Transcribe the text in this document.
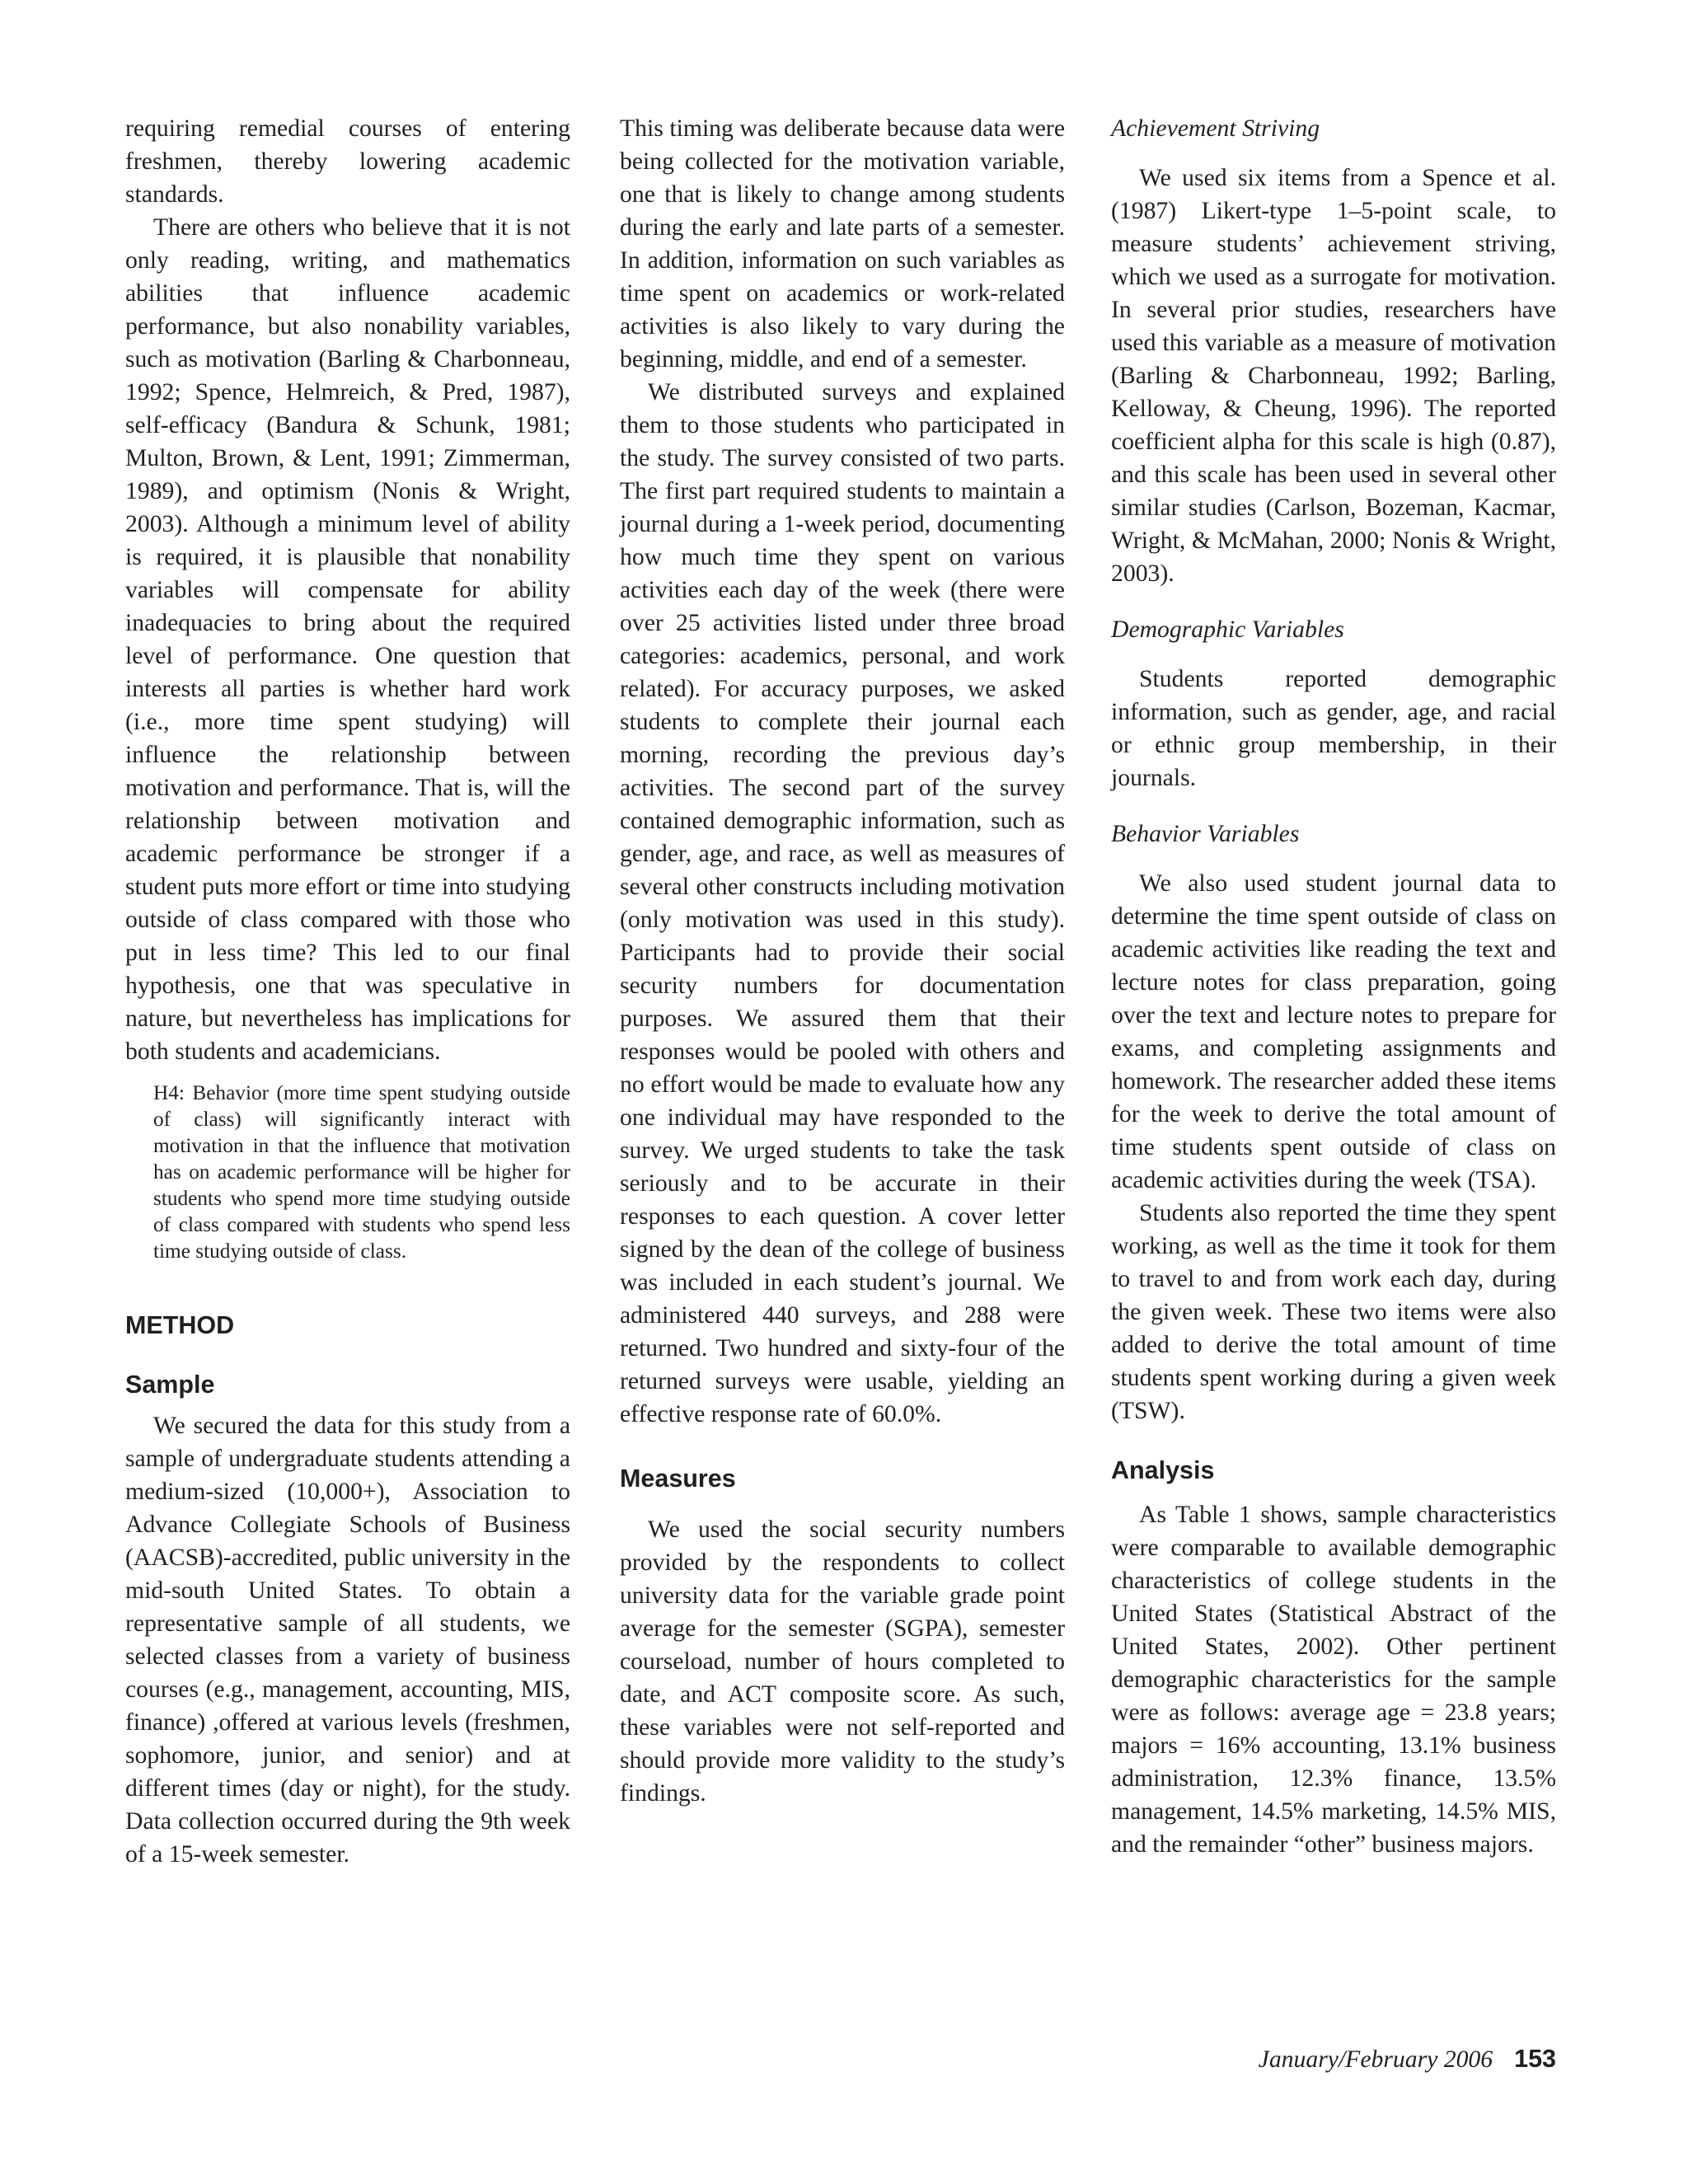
requiring remedial courses of entering freshmen, thereby lowering academic standards.

There are others who believe that it is not only reading, writing, and mathematics abilities that influence academic performance, but also nonability variables, such as motivation (Barling & Charbonneau, 1992; Spence, Helmreich, & Pred, 1987), self-efficacy (Bandura & Schunk, 1981; Multon, Brown, & Lent, 1991; Zimmerman, 1989), and optimism (Nonis & Wright, 2003). Although a minimum level of ability is required, it is plausible that nonability variables will compensate for ability inadequacies to bring about the required level of performance. One question that interests all parties is whether hard work (i.e., more time spent studying) will influence the relationship between motivation and performance. That is, will the relationship between motivation and academic performance be stronger if a student puts more effort or time into studying outside of class compared with those who put in less time? This led to our final hypothesis, one that was speculative in nature, but nevertheless has implications for both students and academicians.

H4: Behavior (more time spent studying outside of class) will significantly interact with motivation in that the influence that motivation has on academic performance will be higher for students who spend more time studying outside of class compared with students who spend less time studying outside of class.

METHOD
Sample

We secured the data for this study from a sample of undergraduate students attending a medium-sized (10,000+), Association to Advance Collegiate Schools of Business (AACSB)-accredited, public university in the mid-south United States. To obtain a representative sample of all students, we selected classes from a variety of business courses (e.g., management, accounting, MIS, finance) ,offered at various levels (freshmen, sophomore, junior, and senior) and at different times (day or night), for the study. Data collection occurred during the 9th week of a 15-week semester.

This timing was deliberate because data were being collected for the motivation variable, one that is likely to change among students during the early and late parts of a semester. In addition, information on such variables as time spent on academics or work-related activities is also likely to vary during the beginning, middle, and end of a semester.

We distributed surveys and explained them to those students who participated in the study. The survey consisted of two parts. The first part required students to maintain a journal during a 1-week period, documenting how much time they spent on various activities each day of the week (there were over 25 activities listed under three broad categories: academics, personal, and work related). For accuracy purposes, we asked students to complete their journal each morning, recording the previous day’s activities. The second part of the survey contained demographic information, such as gender, age, and race, as well as measures of several other constructs including motivation (only motivation was used in this study). Participants had to provide their social security numbers for documentation purposes. We assured them that their responses would be pooled with others and no effort would be made to evaluate how any one individual may have responded to the survey. We urged students to take the task seriously and to be accurate in their responses to each question. A cover letter signed by the dean of the college of business was included in each student’s journal. We administered 440 surveys, and 288 were returned. Two hundred and sixty-four of the returned surveys were usable, yielding an effective response rate of 60.0%.

Measures

We used the social security numbers provided by the respondents to collect university data for the variable grade point average for the semester (SGPA), semester courseload, number of hours completed to date, and ACT composite score. As such, these variables were not self-reported and should provide more validity to the study’s findings.

Achievement Striving

We used six items from a Spence et al. (1987) Likert-type 1–5-point scale, to measure students’ achievement striving, which we used as a surrogate for motivation. In several prior studies, researchers have used this variable as a measure of motivation (Barling & Charbonneau, 1992; Barling, Kelloway, & Cheung, 1996). The reported coefficient alpha for this scale is high (0.87), and this scale has been used in several other similar studies (Carlson, Bozeman, Kacmar, Wright, & McMahan, 2000; Nonis & Wright, 2003).

Demographic Variables

Students reported demographic information, such as gender, age, and racial or ethnic group membership, in their journals.

Behavior Variables

We also used student journal data to determine the time spent outside of class on academic activities like reading the text and lecture notes for class preparation, going over the text and lecture notes to prepare for exams, and completing assignments and homework. The researcher added these items for the week to derive the total amount of time students spent outside of class on academic activities during the week (TSA).

Students also reported the time they spent working, as well as the time it took for them to travel to and from work each day, during the given week. These two items were also added to derive the total amount of time students spent working during a given week (TSW).

Analysis

As Table 1 shows, sample characteristics were comparable to available demographic characteristics of college students in the United States (Statistical Abstract of the United States, 2002). Other pertinent demographic characteristics for the sample were as follows: average age = 23.8 years; majors = 16% accounting, 13.1% business administration, 12.3% finance, 13.5% management, 14.5% marketing, 14.5% MIS, and the remainder “other” business majors.

January/February 2006 153
